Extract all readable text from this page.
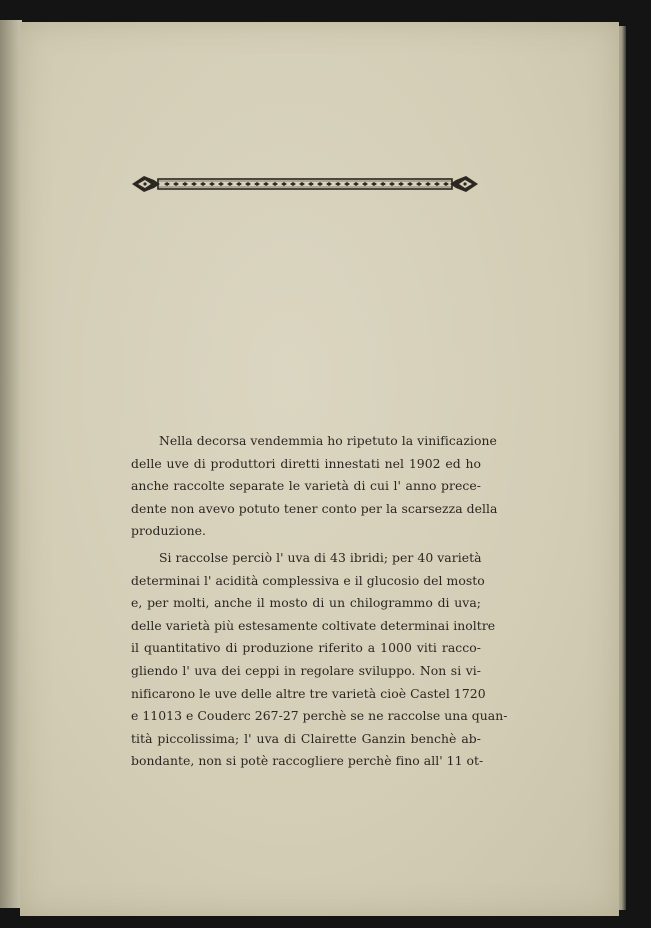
Nella decorsa vendemmia ho ripetuto la vinificazione
delle uve di produttori diretti innestati nel 1902 ed ho
anche raccolte separate le varietà di cui l' anno prece-
dente non avevo potuto tener conto per la scarsezza della
produzione.
Si raccolse perciò l' uva di 43 ibridi; per 40 varietà
determinai l' acidità complessiva e il glucosio del mosto
e, per molti, anche il mosto di un chilogrammo di uva;
delle varietà più estesamente coltivate determinai inoltre
il quantitativo di produzione riferito a 1000 viti racco-
gliendo l' uva dei ceppi in regolare sviluppo. Non si vi-
nificarono le uve delle altre tre varietà cioè Castel 1720
e 11013 e Couderc 267-27 perchè se ne raccolse una quan-
tità piccolissima; l' uva di Clairette Ganzin benchè ab-
bondante, non si potè raccogliere perchè fino all' 11 ot-
